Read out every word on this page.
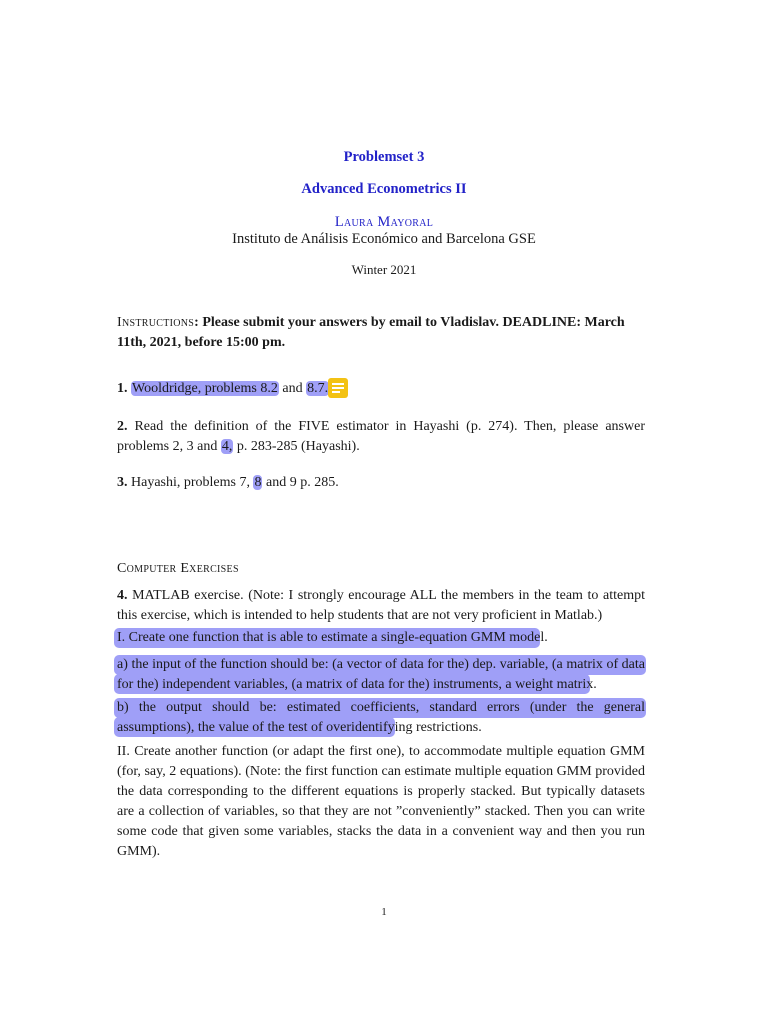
Problemset 3
Advanced Econometrics II
Laura Mayoral
Instituto de Análisis Económico and Barcelona GSE
Winter 2021
Instructions: Please submit your answers by email to Vladislav. DEADLINE: March 11th, 2021, before 15:00 pm.
1. Wooldridge, problems 8.2 and 8.7.
2. Read the definition of the FIVE estimator in Hayashi (p. 274). Then, please answer problems 2, 3 and 4, p. 283-285 (Hayashi).
3. Hayashi, problems 7, 8 and 9 p. 285.
Computer Exercises
4. MATLAB exercise. (Note: I strongly encourage ALL the members in the team to attempt this exercise, which is intended to help students that are not very proficient in Matlab.)
I. Create one function that is able to estimate a single-equation GMM model.
a) the input of the function should be: (a vector of data for the) dep. variable, (a matrix of data for the) independent variables, (a matrix of data for the) instruments, a weight matrix.
b) the output should be: estimated coefficients, standard errors (under the general assumptions), the value of the test of overidentifying restrictions.
II. Create another function (or adapt the first one), to accommodate multiple equation GMM (for, say, 2 equations). (Note: the first function can estimate multiple equation GMM provided the data corresponding to the different equations is properly stacked. But typically datasets are a collection of variables, so that they are not ”conveniently” stacked. Then you can write some code that given some variables, stacks the data in a convenient way and then you run GMM).
1
